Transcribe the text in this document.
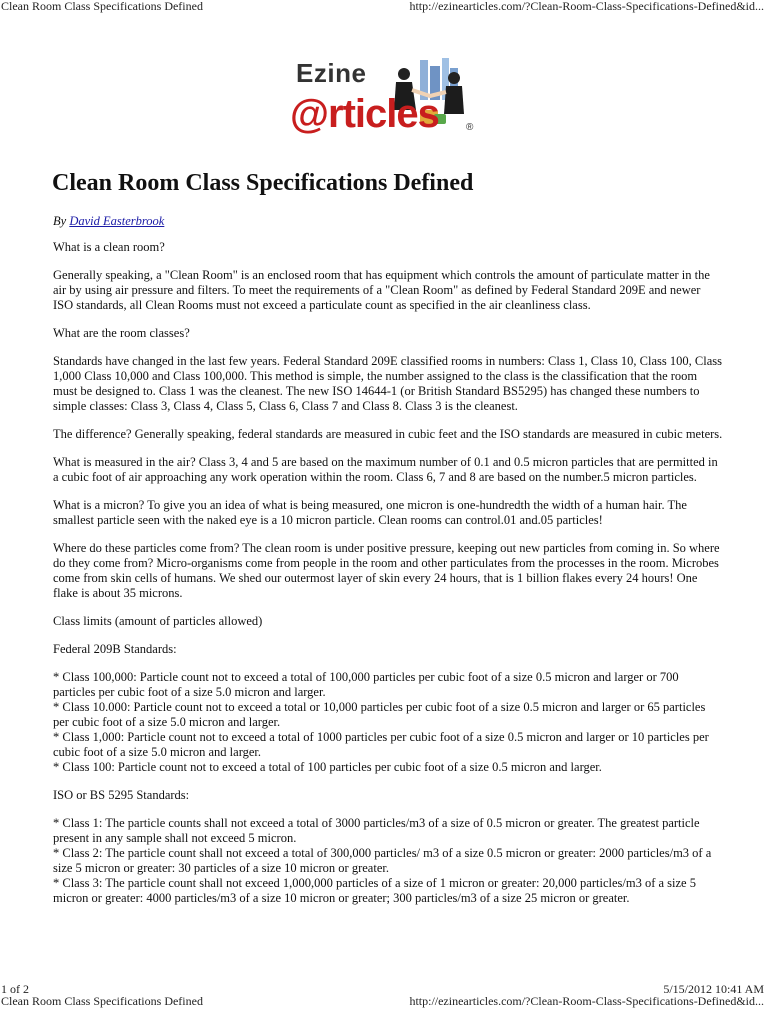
Clean Room Class Specifications Defined	http://ezinearticles.com/?Clean-Room-Class-Specifications-Defined&id...
Ezine
@rticles	®
Clean Room Class Specifications Defined
By David Easterbrook

What is a clean room?

Generally speaking, a "Clean Room" is an enclosed room that has equipment which controls the amount of particulate matter in the air by using air pressure and filters. To meet the requirements of a "Clean Room" as defined by Federal Standard 209E and newer ISO standards, all Clean Rooms must not exceed a particulate count as specified in the air cleanliness class.

What are the room classes?

Standards have changed in the last few years. Federal Standard 209E classified rooms in numbers: Class 1, Class 10, Class 100, Class 1,000 Class 10,000 and Class 100,000. This method is simple, the number assigned to the class is the classification that the room must be designed to. Class 1 was the cleanest. The new ISO 14644-1 (or British Standard BS5295) has changed these numbers to simple classes: Class 3, Class 4, Class 5, Class 6, Class 7 and Class 8. Class 3 is the cleanest.

The difference? Generally speaking, federal standards are measured in cubic feet and the ISO standards are measured in cubic meters.

What is measured in the air? Class 3, 4 and 5 are based on the maximum number of 0.1 and 0.5 micron particles that are permitted in a cubic foot of air approaching any work operation within the room. Class 6, 7 and 8 are based on the number.5 micron particles.

What is a micron? To give you an idea of what is being measured, one micron is one-hundredth the width of a human hair. The smallest particle seen with the naked eye is a 10 micron particle. Clean rooms can control.01 and.05 particles!

Where do these particles come from? The clean room is under positive pressure, keeping out new particles from coming in. So where do they come from? Micro-organisms come from people in the room and other particulates from the processes in the room. Microbes come from skin cells of humans. We shed our outermost layer of skin every 24 hours, that is 1 billion flakes every 24 hours! One flake is about 35 microns.

Class limits (amount of particles allowed)

Federal 209B Standards:

* Class 100,000: Particle count not to exceed a total of 100,000 particles per cubic foot of a size 0.5 micron and larger or 700 particles per cubic foot of a size 5.0 micron and larger.
* Class 10.000: Particle count not to exceed a total or 10,000 particles per cubic foot of a size 0.5 micron and larger or 65 particles per cubic foot of a size 5.0 micron and larger.
* Class 1,000: Particle count not to exceed a total of 1000 particles per cubic foot of a size 0.5 micron and larger or 10 particles per cubic foot of a size 5.0 micron and larger.
* Class 100: Particle count not to exceed a total of 100 particles per cubic foot of a size 0.5 micron and larger.

ISO or BS 5295 Standards:

* Class 1: The particle counts shall not exceed a total of 3000 particles/m3 of a size of 0.5 micron or greater. The greatest particle present in any sample shall not exceed 5 micron.
* Class 2: The particle count shall not exceed a total of 300,000 particles/ m3 of a size 0.5 micron or greater: 2000 particles/m3 of a size 5 micron or greater: 30 particles of a size 10 micron or greater.
* Class 3: The particle count shall not exceed 1,000,000 particles of a size of 1 micron or greater: 20,000 particles/m3 of a size 5 micron or greater: 4000 particles/m3 of a size 10 micron or greater; 300 particles/m3 of a size 25 micron or greater.

1 of 2	5/15/2012 10:41 AM
Clean Room Class Specifications Defined	http://ezinearticles.com/?Clean-Room-Class-Specifications-Defined&id...
